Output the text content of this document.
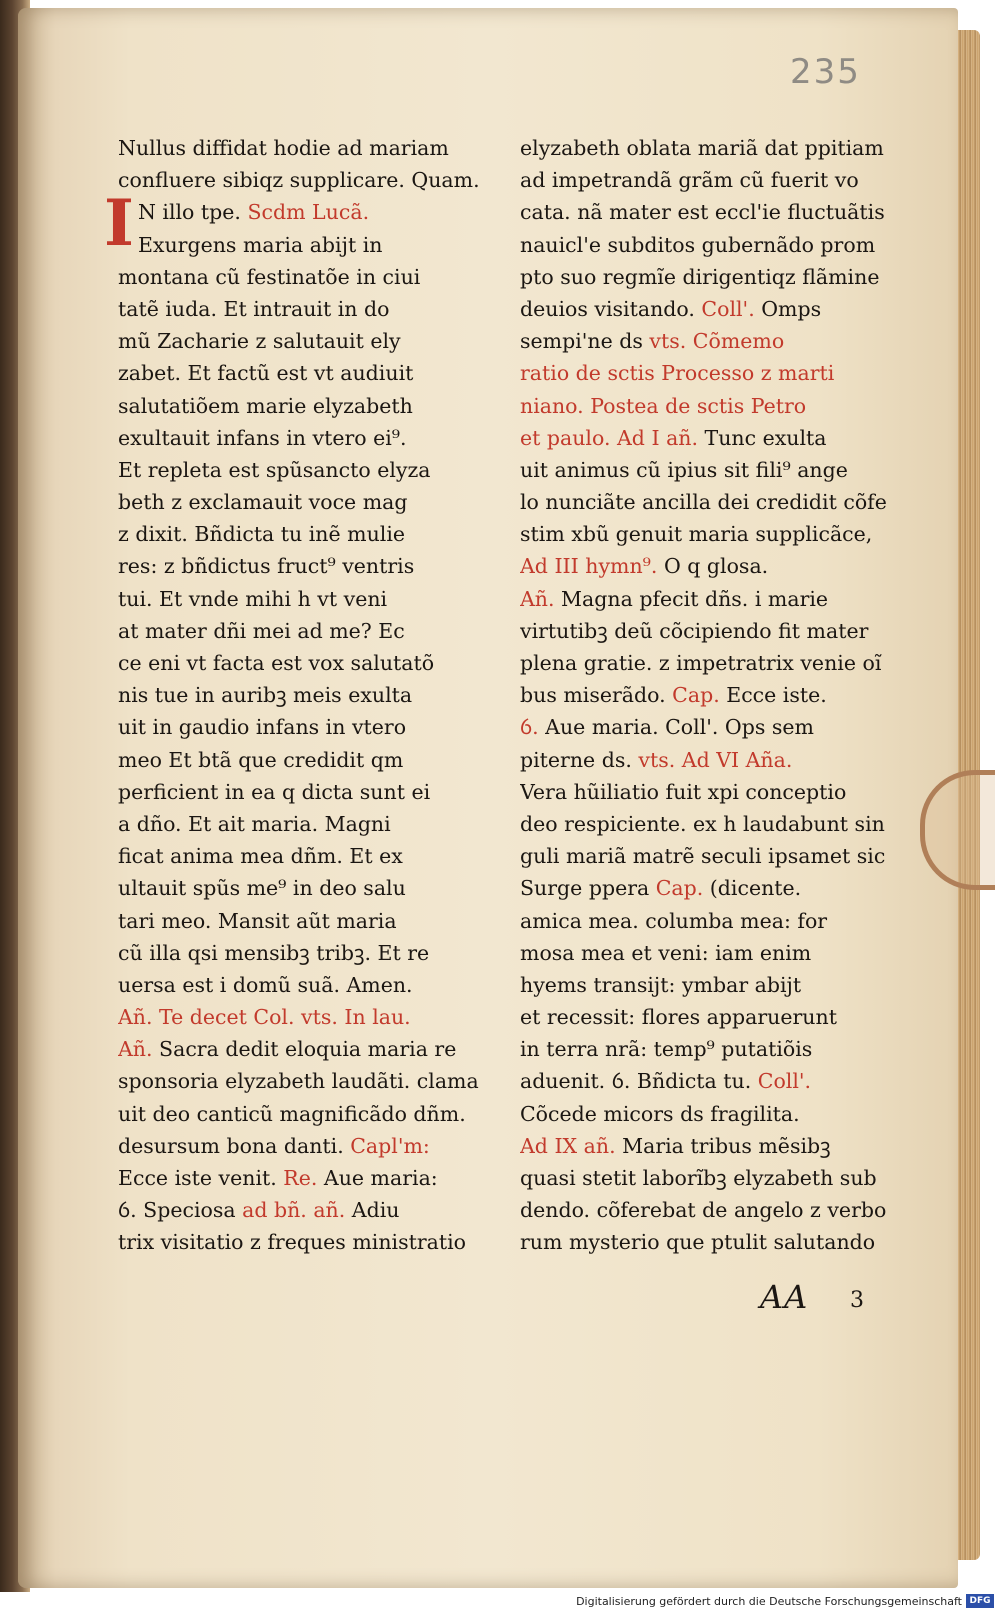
235
Nullus diffidat hodie ad mariam
confluere sibiqz supplicare. Quam.
I N illo tpe. Scdm Lucã.
Exurgens maria abijt in
montana cũ festinatõe in ciui
tatẽ iuda. Et intrauit in do
mũ Zacharie z salutauit ely
zabet. Et factũ est vt audiuit
salutatiõem marie elyzabeth
exultauit infans in vtero ei⁹.
Et repleta est spũsancto elyza
beth z exclamauit voce mag
z dixit. Bñdicta tu inẽ mulie
res: z bñdictus fruct⁹ ventris
tui. Et vnde mihi h vt veni
at mater dñi mei ad me? Ec
ce eni vt facta est vox salutatõ
nis tue in auribꝫ meis exulta
uit in gaudio infans in vtero
meo Et btã que credidit qm
perficient in ea q dicta sunt ei
a dño. Et ait maria. Magni
ficat anima mea dñm. Et ex
ultauit spũs me⁹ in deo salu
tari meo. Mansit aũt maria
cũ illa qsi mensibꝫ tribꝫ. Et re
uersa est i domũ suã. Amen.
Añ. Te decet Col. vts. In lau.
Añ. Sacra dedit eloquia maria re
sponsoria elyzabeth laudãti. clama
uit deo canticũ magnificãdo dñm.
desursum bona danti. Capl'm:
Ecce iste venit. Re. Aue maria:
ỽ. Speciosa ad bñ. añ. Adiu
trix visitatio z freques ministratio
elyzabeth oblata mariã dat ppitiam
ad impetrandã grãm cũ fuerit vo
cata. nã mater est eccl'ie fluctuãtis
nauicl'e subditos gubernãdo prom
pto suo regmĩe dirigentiqz flãmine
deuios visitando. Coll'. Omps
sempi'ne ds vts. Cõmemo
ratio de sctis Processo z marti
niano. Postea de sctis Petro
et paulo. Ad I añ. Tunc exulta
uit animus cũ ipius sit fili⁹ ange
lo nunciãte ancilla dei credidit cõfe
stim xbũ genuit maria supplicãce,
Ad III hymn⁹. O q glosa.
Añ. Magna pfecit dñs. i marie
virtutibꝫ deũ cõcipiendo fit mater
plena gratie. z impetratrix venie oĩ
bus miserãdo. Cap. Ecce iste.
ỽ. Aue maria. Coll'. Ops sem
piterne ds. vts. Ad VI Aña.
Vera hũiliatio fuit xpi conceptio
deo respiciente. ex h laudabunt sin
guli mariã matrẽ seculi ipsamet sic
Surge ppera Cap. (dicente.
amica mea. columba mea: for
mosa mea et veni: iam enim
hyems transijt: ymbar abijt
et recessit: flores apparuerunt
in terra nrã: temp⁹ putatiõis
aduenit. ỽ. Bñdicta tu. Coll'.
Cõcede micors ds fragilita.
Ad IX añ. Maria tribus mẽsibꝫ
quasi stetit laborĩbꝫ elyzabeth sub
dendo. cõferebat de angelo z verbo
rum mysterio que ptulit salutando
AA 3
Digitalisierung gefördert durch die Deutsche Forschungsgemeinschaft DFG
